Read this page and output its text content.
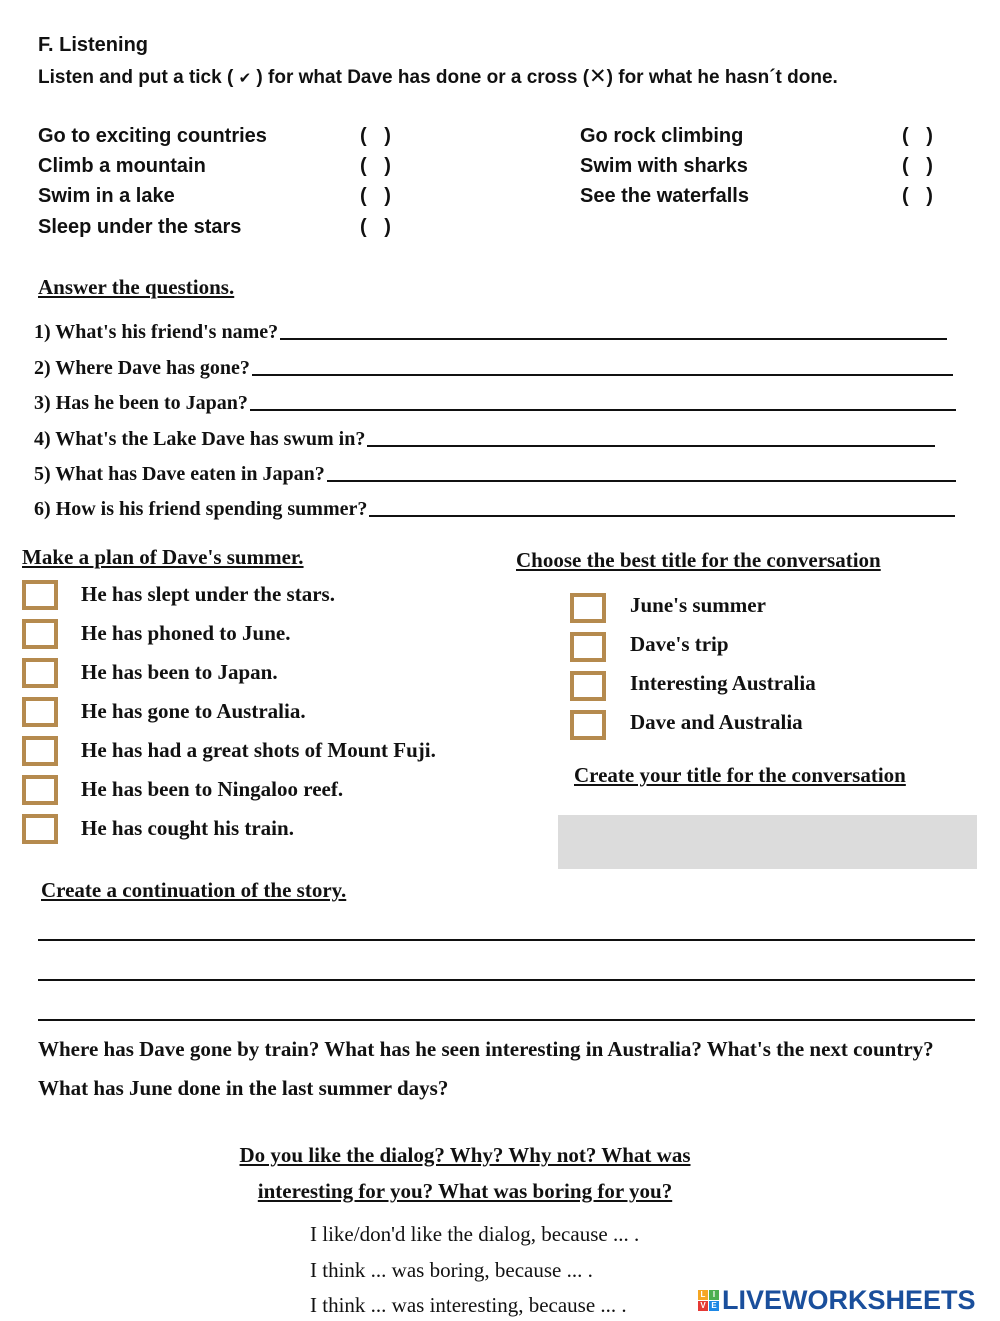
F. Listening
Listen and put a tick ( ✔ ) for what Dave has done or a cross (✕) for what he hasn´t done.
Go to exciting countries
Climb a mountain
Swim in a lake
Sleep under the stars
( )
( )
( )
( )
Go rock climbing
Swim with sharks
See the waterfalls
( )
( )
( )
Answer the questions.
1) What's his friend's name?
2) Where Dave has gone?
3) Has he been to Japan?
4) What's the Lake Dave has swum in?
5) What has Dave eaten in Japan?
6) How is his friend spending summer?
Make a plan of Dave's summer.
He has slept under the stars.
He has phoned to June.
He has been to Japan.
He has gone to Australia.
He has had a great shots of Mount Fuji.
He has been to Ningaloo reef.
He has cought his train.
Choose the best title for the conversation
June's summer
Dave's trip
Interesting Australia
Dave and Australia
Create your title for the conversation
Create a continuation of the story.
Where has Dave gone by train? What has he seen interesting in Australia? What's the next country? What has June done in the last summer days?
Do you like the dialog? Why? Why not? What was
interesting for you? What was boring for you?
I like/don'd like the dialog, because ... .
I think ... was boring, because ... .
I think ... was interesting, because ... .	L I
V E LIVEWORKSHEETS
